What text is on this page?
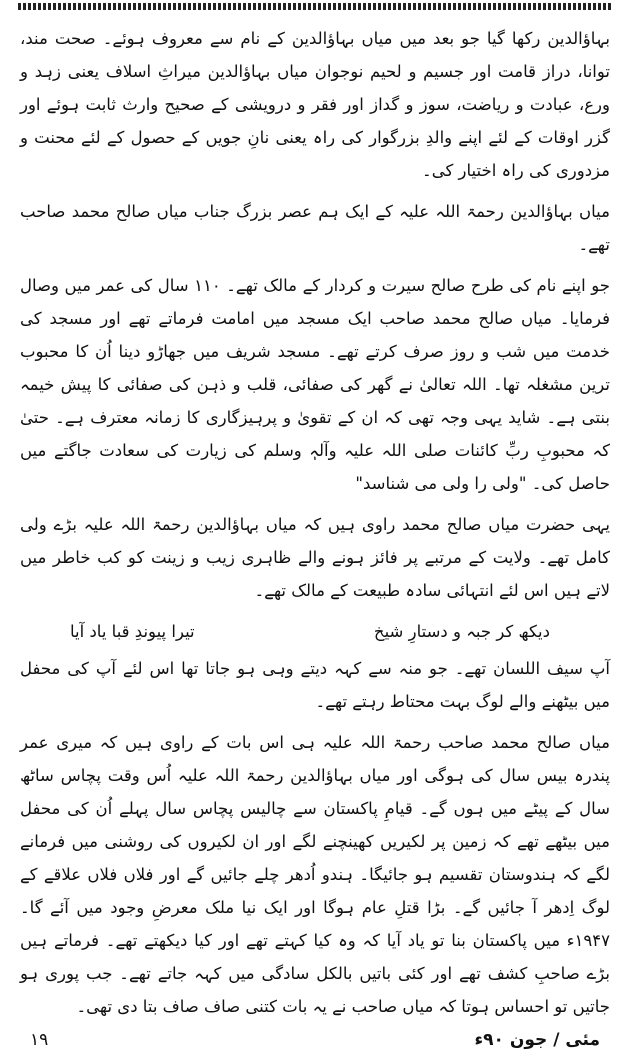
بہاؤالدین رکھا گیا جو بعد میں میاں بہاؤالدین کے نام سے معروف ہوئے۔ صحت مند، توانا، دراز قامت اور جسیم و لحیم نوجوان میاں بہاؤالدین میراثِ اسلاف یعنی زہد و ورع، عبادت و ریاضت، سوز و گداز اور فقر و درویشی کے صحیح وارث ثابت ہوئے اور گزر اوقات کے لئے اپنے والدِ بزرگوار کی راہ یعنی نانِ جویں کے حصول کے لئے محنت و مزدوری کی راہ اختیار کی۔

میاں بہاؤالدین رحمۃ اللہ علیہ کے ایک ہم عصر بزرگ جناب میاں صالح محمد صاحب تھے۔

جو اپنے نام کی طرح صالح سیرت و کردار کے مالک تھے۔ ۱۱۰ سال کی عمر میں وصال فرمایا۔ میاں صالح محمد صاحب ایک مسجد میں امامت فرماتے تھے اور مسجد کی خدمت میں شب و روز صرف کرتے تھے۔ مسجد شریف میں جھاڑو دینا اُن کا محبوب ترین مشغلہ تھا۔ اللہ تعالیٰ نے گھر کی صفائی، قلب و ذہن کی صفائی کا پیش خیمہ بنتی ہے۔ شاید یہی وجہ تھی کہ ان کے تقویٰ و پرہیزگاری کا زمانہ معترف ہے۔ حتیٰ کہ محبوبِ ربِّ کائنات صلی اللہ علیہ وآلہٖ وسلم کی زیارت کی سعادت جاگتے میں حاصل کی۔ "ولی را ولی می شناسد"

یہی حضرت میاں صالح محمد راوی ہیں کہ میاں بہاؤالدین رحمۃ اللہ علیہ بڑے ولی کامل تھے۔ ولایت کے مرتبے پر فائز ہونے والے ظاہری زیب و زینت کو کب خاطر میں لاتے ہیں اس لئے انتہائی سادہ طبیعت کے مالک تھے۔

دیکھ کر جبہ و دستارِ شیخ
تیرا پیوندِ قبا یاد آیا

آپ سیف اللسان تھے۔ جو منہ سے کہہ دیتے وہی ہو جاتا تھا اس لئے آپ کی محفل میں بیٹھنے والے لوگ بہت محتاط رہتے تھے۔

میاں صالح محمد صاحب رحمۃ اللہ علیہ ہی اس بات کے راوی ہیں کہ میری عمر پندرہ بیس سال کی ہوگی اور میاں بہاؤالدین رحمۃ اللہ علیہ اُس وقت پچاس ساٹھ سال کے پیٹے میں ہوں گے۔ قیامِ پاکستان سے چالیس پچاس سال پہلے اُن کی محفل میں بیٹھے تھے کہ زمین پر لکیریں کھینچنے لگے اور ان لکیروں کی روشنی میں فرمانے لگے کہ ہندوستان تقسیم ہو جائیگا۔ ہندو اُدھر چلے جائیں گے اور فلاں فلاں علاقے کے لوگ اِدھر آ جائیں گے۔ بڑا قتلِ عام ہوگا اور ایک نیا ملک معرضِ وجود میں آئے گا۔ ۱۹۴۷ء میں پاکستان بنا تو یاد آیا کہ وہ کیا کہتے تھے اور کیا دیکھتے تھے۔ فرماتے ہیں بڑے صاحبِ کشف تھے اور کئی باتیں بالکل سادگی میں کہہ جاتے تھے۔ جب پوری ہو جاتیں تو احساس ہوتا کہ میاں صاحب نے یہ بات کتنی صاف صاف بتا دی تھی۔

۱۹	مئی / جون ۹۰ء
